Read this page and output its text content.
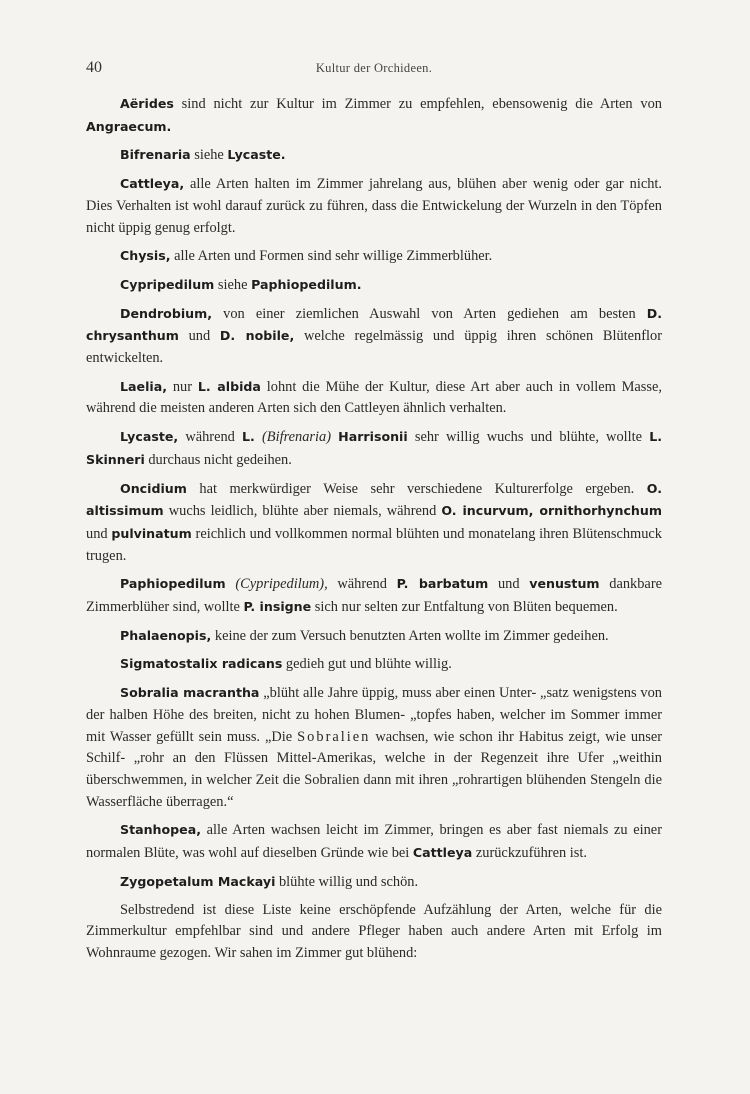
40	Kultur der Orchideen.

Aërides sind nicht zur Kultur im Zimmer zu empfehlen, ebensowenig die Arten von Angraecum.

Bifrenaria siehe Lycaste.

Cattleya, alle Arten halten im Zimmer jahrelang aus, blühen aber wenig oder gar nicht. Dies Verhalten ist wohl darauf zurück zu führen, dass die Entwickelung der Wurzeln in den Töpfen nicht üppig genug erfolgt.

Chysis, alle Arten und Formen sind sehr willige Zimmerblüher.

Cypripedilum siehe Paphiopedilum.

Dendrobium, von einer ziemlichen Auswahl von Arten gediehen am besten D. chrysanthum und D. nobile, welche regelmässig und üppig ihren schönen Blütenflor entwickelten.

Laelia, nur L. albida lohnt die Mühe der Kultur, diese Art aber auch in vollem Masse, während die meisten anderen Arten sich den Cattleyen ähnlich verhalten.

Lycaste, während L. (Bifrenaria) Harrisonii sehr willig wuchs und blühte, wollte L. Skinneri durchaus nicht gedeihen.

Oncidium hat merkwürdiger Weise sehr verschiedene Kulturerfolge ergeben. O. altissimum wuchs leidlich, blühte aber niemals, während O. incurvum, ornithorhynchum und pulvinatum reichlich und vollkommen normal blühten und monatelang ihren Blütenschmuck trugen.

Paphiopedilum (Cypripedilum), während P. barbatum und venustum dankbare Zimmerblüher sind, wollte P. insigne sich nur selten zur Entfaltung von Blüten bequemen.

Phalaenopis, keine der zum Versuch benutzten Arten wollte im Zimmer gedeihen.

Sigmatostalix radicans gedieh gut und blühte willig.

Sobralia macrantha „blüht alle Jahre üppig, muss aber einen Unter- „satz wenigstens von der halben Höhe des breiten, nicht zu hohen Blumen- „topfes haben, welcher im Sommer immer mit Wasser gefüllt sein muss. „Die Sobralien wachsen, wie schon ihr Habitus zeigt, wie unser Schilf- „rohr an den Flüssen Mittel-Amerikas, welche in der Regenzeit ihre Ufer „weithin überschwemmen, in welcher Zeit die Sobralien dann mit ihren „rohrartigen blühenden Stengeln die Wasserfläche überragen.“

Stanhopea, alle Arten wachsen leicht im Zimmer, bringen es aber fast niemals zu einer normalen Blüte, was wohl auf dieselben Gründe wie bei Cattleya zurückzuführen ist.

Zygopetalum Mackayi blühte willig und schön.

Selbstredend ist diese Liste keine erschöpfende Aufzählung der Arten, welche für die Zimmerkultur empfehlbar sind und andere Pfleger haben auch andere Arten mit Erfolg im Wohnraume gezogen. Wir sahen im Zimmer gut blühend:
